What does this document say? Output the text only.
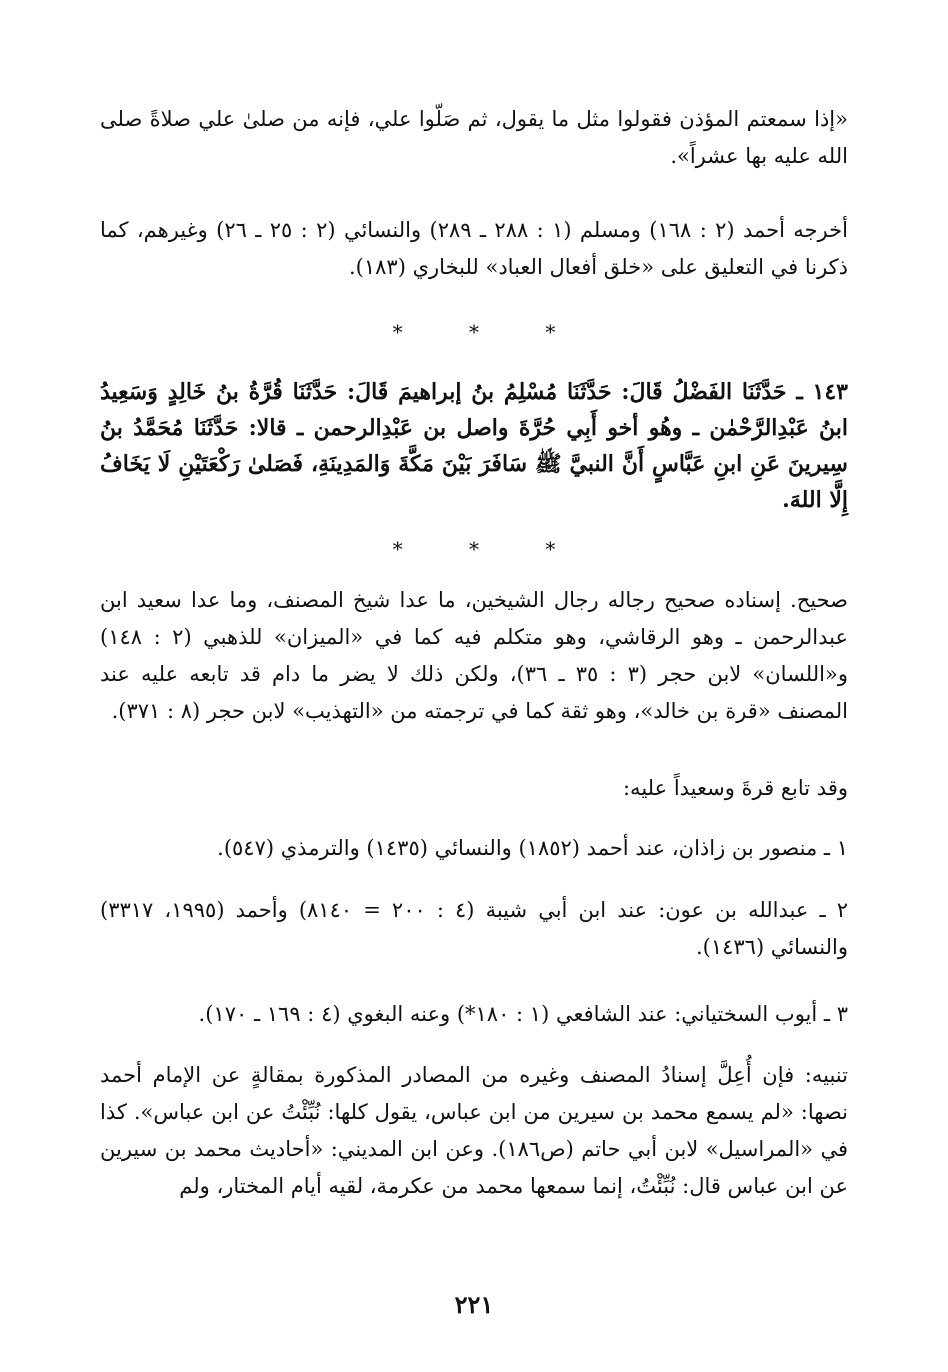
«إذا سمعتم المؤذن فقولوا مثل ما يقول، ثم صَلّوا علي، فإنه من صلىٰ علي صلاةً صلى الله عليه بها عشراً».

أخرجه أحمد (٢ : ١٦٨) ومسلم (١ : ٢٨٨ ـ ٢٨٩) والنسائي (٢ : ٢٥ ـ ٢٦) وغيرهم، كما ذكرنا في التعليق على «خلق أفعال العباد» للبخاري (١٨٣).

* * *

١٤٣ ـ حَدَّثَنَا الفَضْلُ قَالَ: حَدَّثَنَا مُسْلِمُ بنُ إبراهيمَ قَالَ: حَدَّثَنَا قُرَّةُ بنُ خَالِدٍ وَسَعِيدُ ابنُ عَبْدِالرَّحْمٰن ـ وهُو أخو أَبِي حُرَّةَ واصل بن عَبْدِالرحمن ـ قالا: حَدَّثَنَا مُحَمَّدُ بنُ سِيرينَ عَنِ ابنِ عَبَّاسٍ أَنَّ النبيَّ ﷺ سَافَرَ بَيْنَ مَكَّةَ وَالمَدِينَةِ، فَصَلىٰ رَكْعَتَيْنِ لَا يَخَافُ إِلَّا اللهَ.

* * *

صحيح. إسناده صحيح رجاله رجال الشيخين، ما عدا شيخ المصنف، وما عدا سعيد ابن عبدالرحمن ـ وهو الرقاشي، وهو متكلم فيه كما في «الميزان» للذهبي (٢ : ١٤٨) و«اللسان» لابن حجر (٣ : ٣٥ ـ ٣٦)، ولكن ذلك لا يضر ما دام قد تابعه عليه عند المصنف «قرة بن خالد»، وهو ثقة كما في ترجمته من «التهذيب» لابن حجر (٨ : ٣٧١).

وقد تابع قرةَ وسعيداً عليه:

١ ـ منصور بن زاذان، عند أحمد (١٨٥٢) والنسائي (١٤٣٥) والترمذي (٥٤٧).

٢ ـ عبدالله بن عون: عند ابن أبي شيبة (٤ : ٢٠٠ = ٨١٤٠) وأحمد (١٩٩٥، ٣٣١٧) والنسائي (١٤٣٦).

٣ ـ أيوب السختياني: عند الشافعي (١ : ١٨٠*) وعنه البغوي (٤ : ١٦٩ ـ ١٧٠).

تنبيه: فإن أُعِلَّ إسنادُ المصنف وغيره من المصادر المذكورة بمقالةٍ عن الإمام أحمد نصها: «لم يسمع محمد بن سيرين من ابن عباس، يقول كلها: نُبِّئْتُ عن ابن عباس». كذا في «المراسيل» لابن أبي حاتم (ص١٨٦). وعن ابن المديني: «أحاديث محمد بن سيرين عن ابن عباس قال: نُبِّئْتُ، إنما سمعها محمد من عكرمة، لقيه أيام المختار، ولم

٢٢١
